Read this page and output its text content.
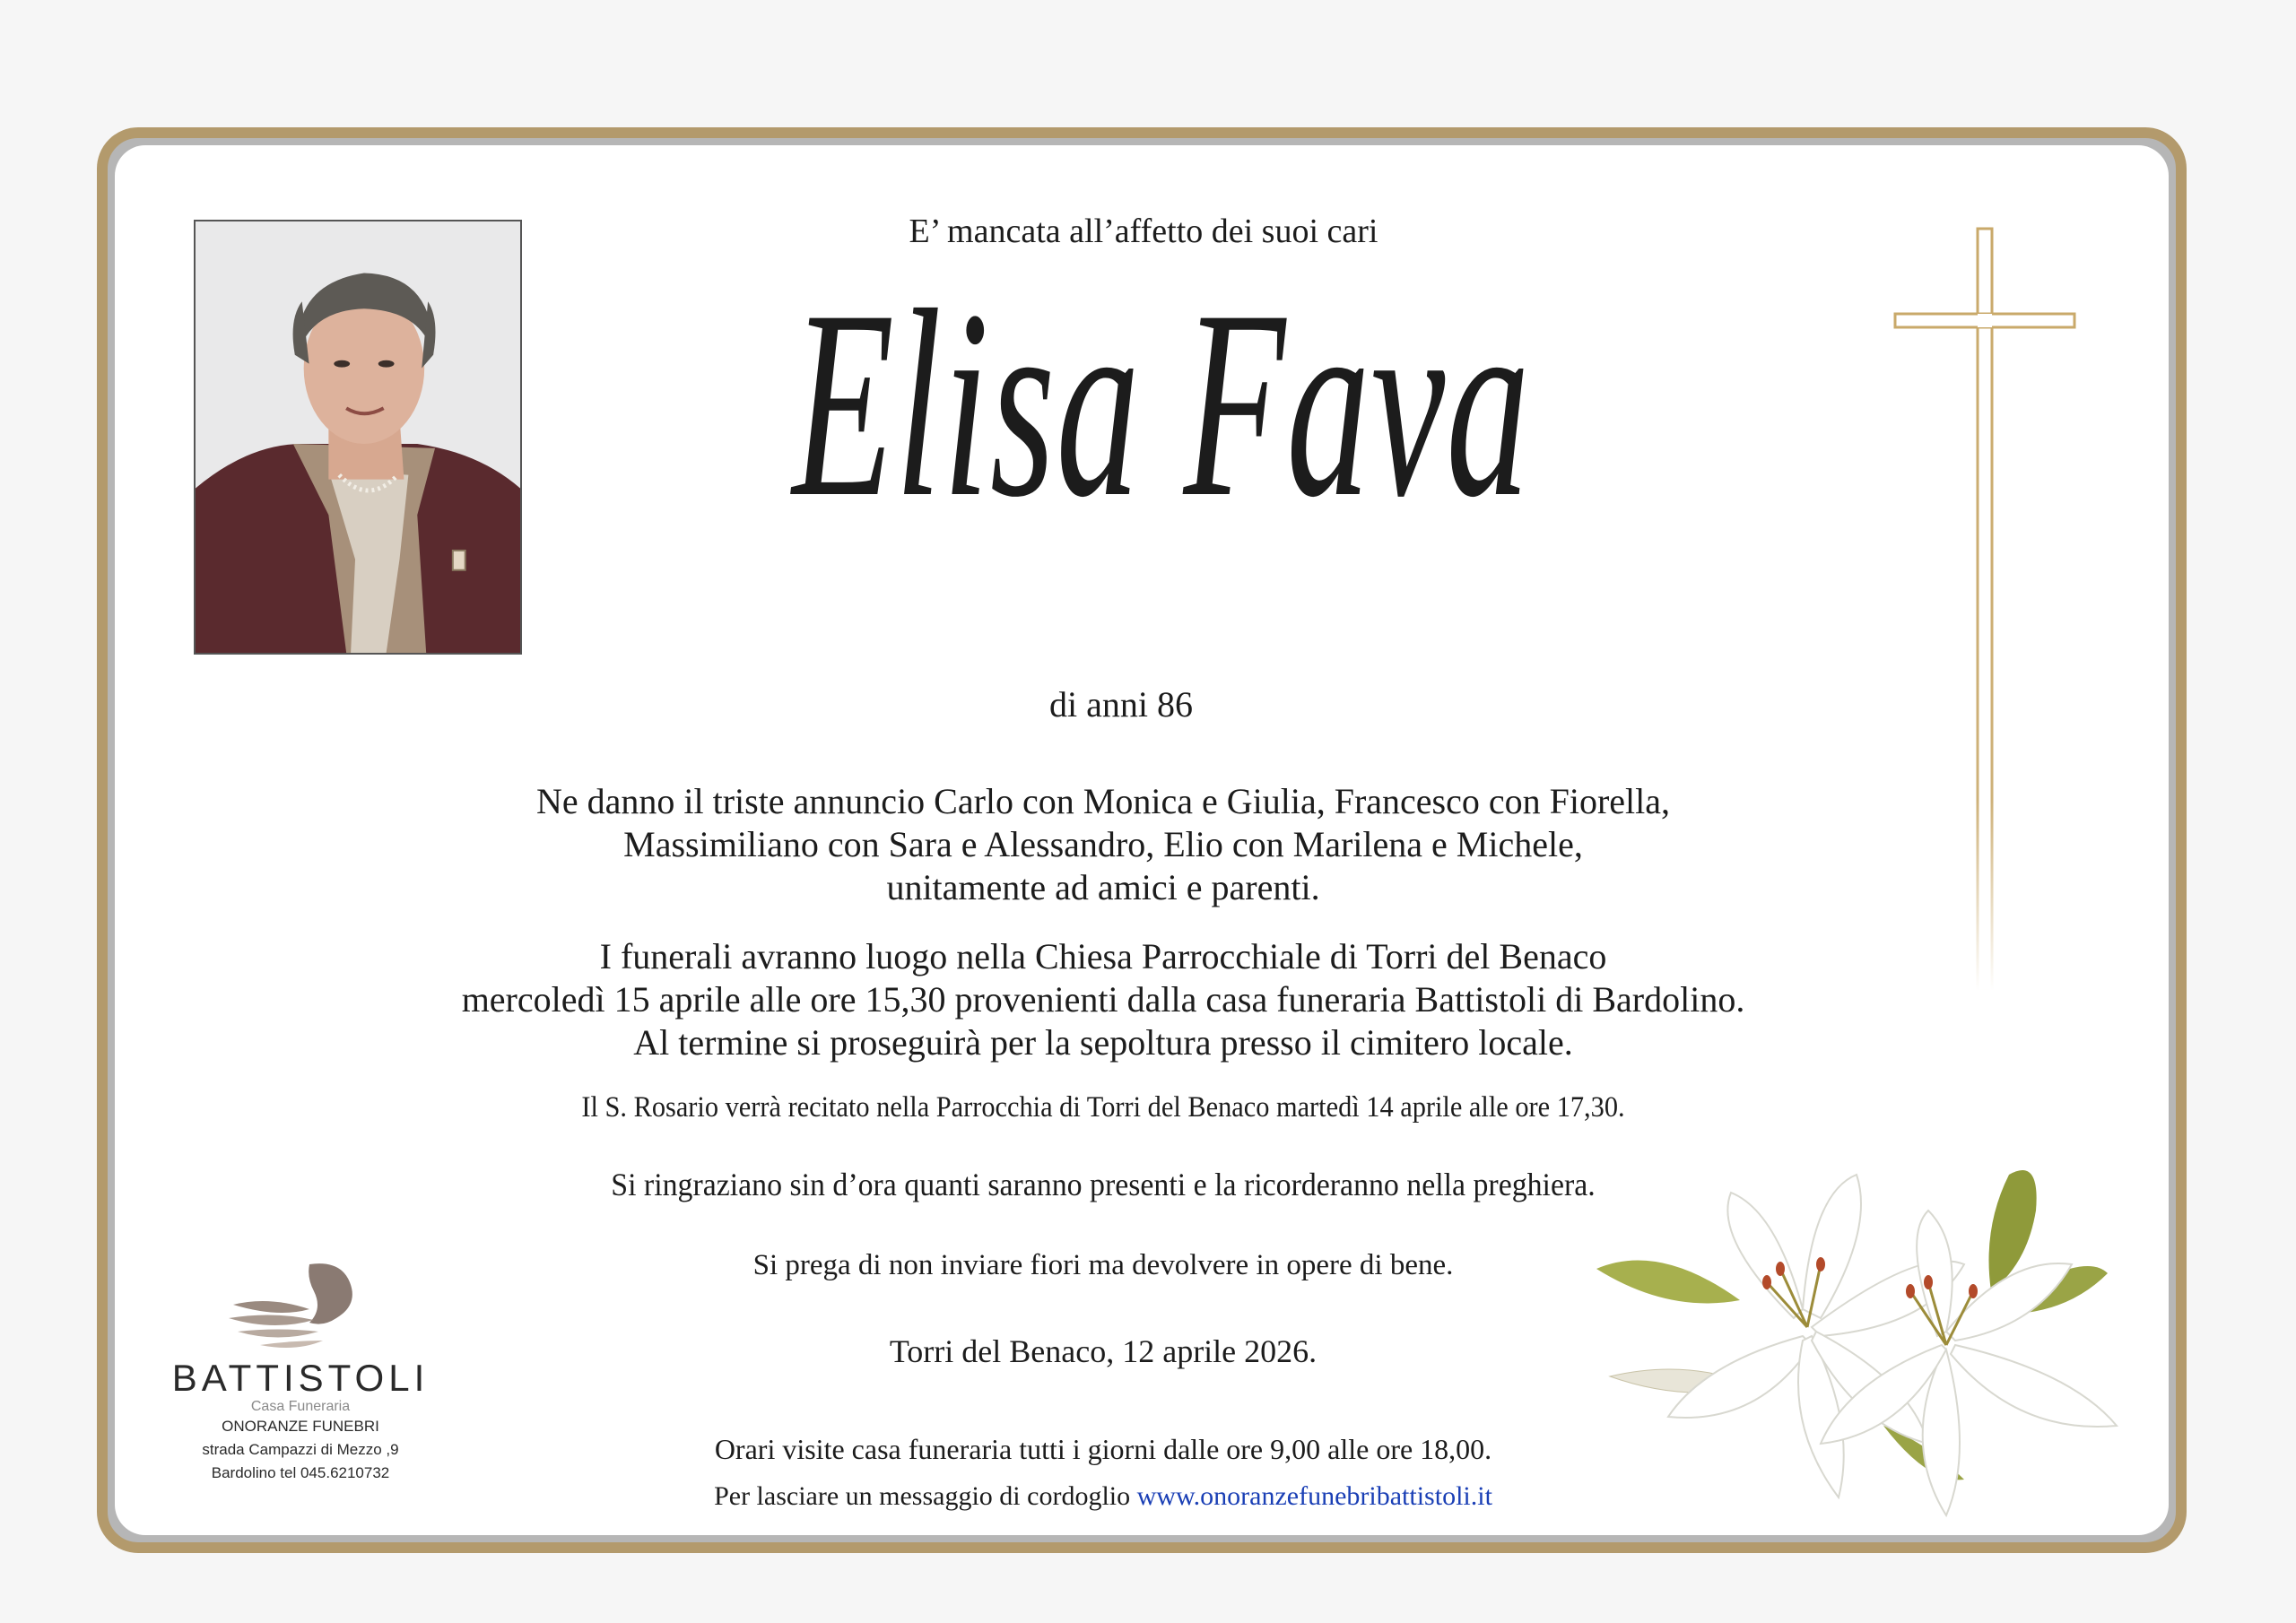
E’ mancata all’affetto dei suoi cari
Elisa Fava
di anni 86
Ne danno il triste annuncio Carlo con Monica e Giulia, Francesco con Fiorella,
Massimiliano con Sara e Alessandro, Elio con Marilena e Michele,
unitamente ad amici e parenti.
I funerali avranno luogo nella Chiesa Parrocchiale di Torri del Benaco
mercoledì 15 aprile alle ore 15,30 provenienti dalla casa funeraria Battistoli di Bardolino.
Al termine si proseguirà per la sepoltura presso il cimitero locale.
Il S. Rosario verrà recitato nella Parrocchia di Torri del Benaco martedì 14 aprile alle ore 17,30.
Si ringraziano sin d’ora quanti saranno presenti e la ricorderanno nella preghiera.
Si prega di non inviare fiori ma devolvere in opere di bene.
Torri del Benaco, 12 aprile 2026.
Orari visite casa funeraria tutti i giorni dalle ore 9,00 alle ore 18,00.
Per lasciare un messaggio di cordoglio www.onoranzefunebribattistoli.it
BATTISTOLI
Casa Funeraria
ONORANZE FUNEBRI
strada Campazzi di Mezzo ,9
Bardolino tel 045.6210732
